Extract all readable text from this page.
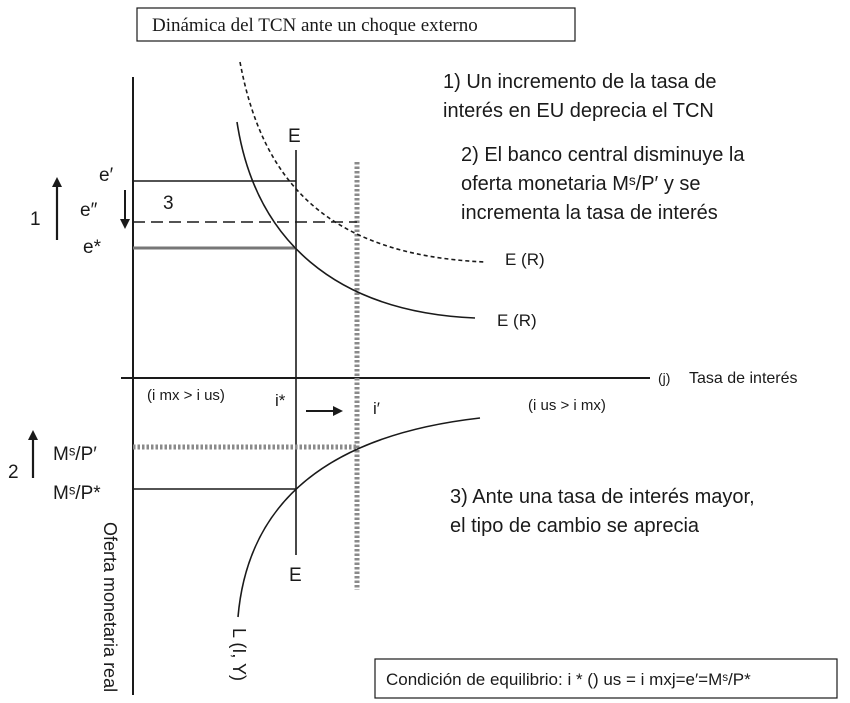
Dinámica del TCN ante un choque externo
e′
e″
e*
1
3
2
Mˢ/P′
Mˢ/P*
E
E
E (R)
E (R)
(j) Tasa de interés
(i mx > i us)
(i us > i mx)
i*	i′
Oferta monetaria real	L (I, Y)
1) Un incremento de la tasa de
interés en EU deprecia el TCN
2) El banco central disminuye la
oferta monetaria Mˢ/P′ y se
incrementa la tasa de interés
3) Ante una tasa de interés mayor,
el tipo de cambio se aprecia
Condición de equilibrio: i * () us = i mxj=e′=Mˢ/P*
